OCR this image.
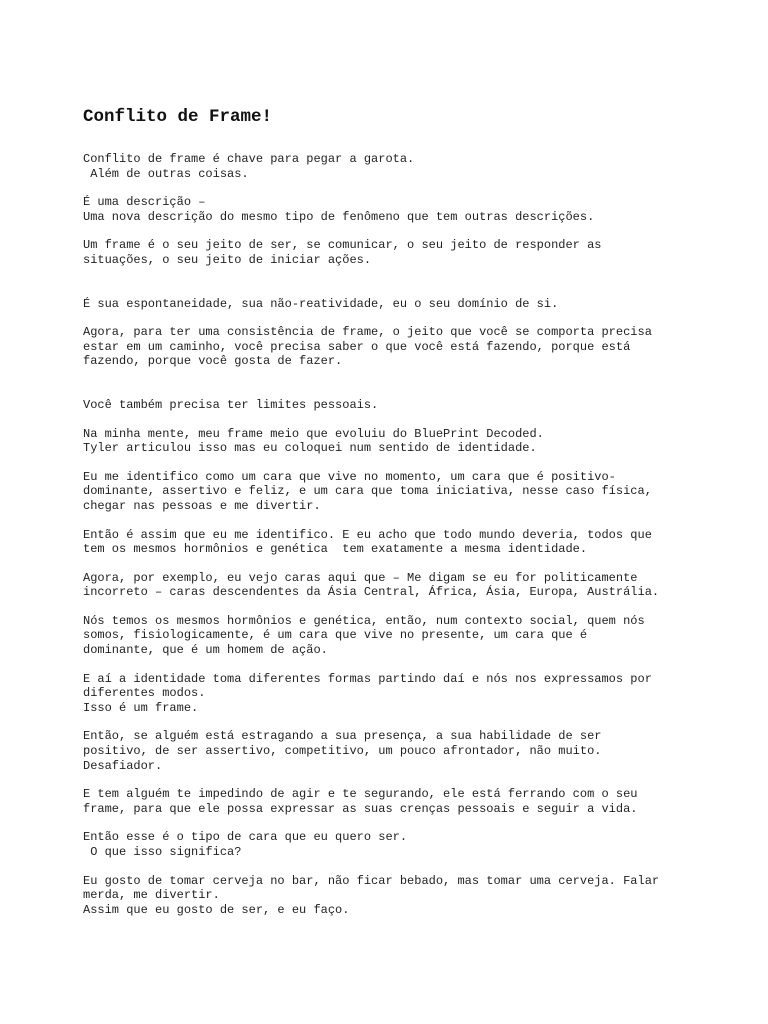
Conflito de Frame!
Conflito de frame é chave para pegar a garota.
Além de outras coisas.
É uma descrição –
Uma nova descrição do mesmo tipo de fenômeno que tem outras descrições.
Um frame é o seu jeito de ser, se comunicar, o seu jeito de responder as
situações, o seu jeito de iniciar ações.
É sua espontaneidade, sua não-reatividade, eu o seu domínio de si.
Agora, para ter uma consistência de frame, o jeito que você se comporta precisa
estar em um caminho, você precisa saber o que você está fazendo, porque está
fazendo, porque você gosta de fazer.
Você também precisa ter limites pessoais.
Na minha mente, meu frame meio que evoluiu do BluePrint Decoded.
Tyler articulou isso mas eu coloquei num sentido de identidade.
Eu me identifico como um cara que vive no momento, um cara que é positivo-
dominante, assertivo e feliz, e um cara que toma iniciativa, nesse caso física,
chegar nas pessoas e me divertir.
Então é assim que eu me identifico. E eu acho que todo mundo deveria, todos que
tem os mesmos hormônios e genética  tem exatamente a mesma identidade.
Agora, por exemplo, eu vejo caras aqui que – Me digam se eu for politicamente
incorreto – caras descendentes da Ásia Central, África, Ásia, Europa, Austrália.
Nós temos os mesmos hormônios e genética, então, num contexto social, quem nós
somos, fisiologicamente, é um cara que vive no presente, um cara que é
dominante, que é um homem de ação.
E aí a identidade toma diferentes formas partindo daí e nós nos expressamos por
diferentes modos.
Isso é um frame.
Então, se alguém está estragando a sua presença, a sua habilidade de ser
positivo, de ser assertivo, competitivo, um pouco afrontador, não muito.
Desafiador.
E tem alguém te impedindo de agir e te segurando, ele está ferrando com o seu
frame, para que ele possa expressar as suas crenças pessoais e seguir a vida.
Então esse é o tipo de cara que eu quero ser.
O que isso significa?
Eu gosto de tomar cerveja no bar, não ficar bebado, mas tomar uma cerveja. Falar
merda, me divertir.
Assim que eu gosto de ser, e eu faço.
